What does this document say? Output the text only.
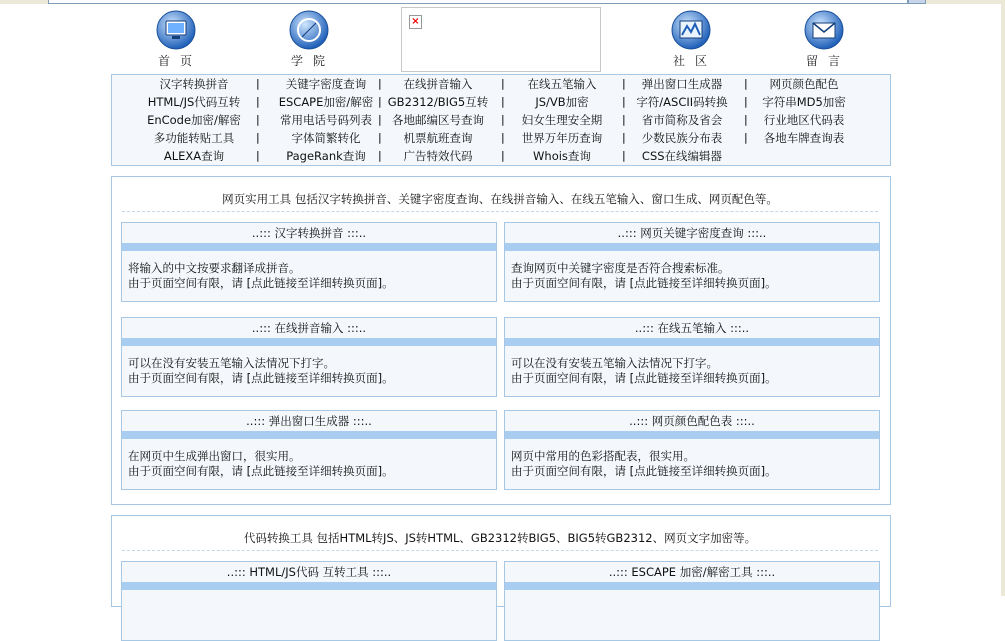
首页	学院
×
社区	留言
汉字转换拼音	|	关键字密度查询	|	在线拼音输入	|	在线五笔输入	|	弹出窗口生成器	|	网页颜色配色
HTML/JS代码互转	|	ESCAPE加密/解密 | GB2312/BIG5互转	|	JS/VB加密	| 字符/ASCII码转换	|	字符串MD5加密
EnCode加密/解密	|	常用电话号码列表 | 各地邮编区号查询	|	妇女生理安全期	|	省市简称及省会	|	行业地区代码表
多功能转贴工具	|	字体简繁转化	|	机票航班查询	|	世界万年历查询	|	少数民族分布表	|	各地车牌查询表
ALEXA查询	|	PageRank查询	|	广告特效代码	|	Whois查询	|	CSS在线编辑器
网页实用工具 包括汉字转换拼音、关键字密度查询、在线拼音输入、在线五笔输入、窗口生成、网页配色等。
..::: 汉字转换拼音 :::..
将输入的中文按要求翻译成拼音。
由于页面空间有限，请 [点此链接至详细转换页面]。
..::: 网页关键字密度查询 :::..
查询网页中关键字密度是否符合搜索标准。
由于页面空间有限，请 [点此链接至详细转换页面]。
..::: 在线拼音输入 :::..
可以在没有安装五笔输入法情况下打字。
由于页面空间有限，请 [点此链接至详细转换页面]。
..::: 在线五笔输入 :::..
可以在没有安装五笔输入法情况下打字。
由于页面空间有限，请 [点此链接至详细转换页面]。
..::: 弹出窗口生成器 :::..
在网页中生成弹出窗口，很实用。
由于页面空间有限，请 [点此链接至详细转换页面]。
..::: 网页颜色配色表 :::..
网页中常用的色彩搭配表，很实用。
由于页面空间有限，请 [点此链接至详细转换页面]。
代码转换工具 包括HTML转JS、JS转HTML、GB2312转BIG5、BIG5转GB2312、网页文字加密等。
..::: HTML/JS代码 互转工具 :::..	..::: ESCAPE 加密/解密工具 :::..
